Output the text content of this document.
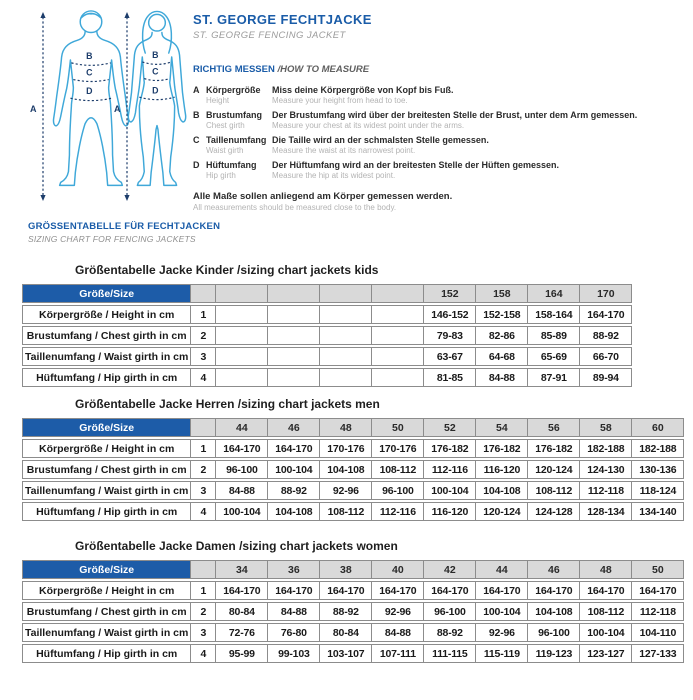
A
B
C
D
A
B
C
D
ST. GEORGE FECHTJACKE
ST. GEORGE FENCING JACKET
RICHTIG MESSEN /HOW TO MEASURE
A Körpergröße
Height
Miss deine Körpergröße von Kopf bis Fuß.
Measure your height from head to toe.
B Brustumfang
Chest girth
Der Brustumfang wird über der breitesten Stelle der Brust, unter dem Arm gemessen.
Measure your chest at its widest point under the arms.
C Taillenumfang
Waist girth
Die Taille wird an der schmalsten Stelle gemessen.
Measure the waist at its narrowest point.
D Hüftumfang
Hip girth
Der Hüftumfang wird an der breitesten Stelle der Hüften gemessen.
Measure the hip at its widest point.
Alle Maße sollen anliegend am Körper gemessen werden.
All measurements should be measured close to the body.
GRÖSSENTABELLE FÜR FECHTJACKEN
SIZING CHART FOR FENCING JACKETS
Größentabelle Jacke Kinder /sizing chart jackets kids
Größe/Size						152	158	164	170
Körpergröße / Height in cm	1					146-152	152-158	158-164	164-170
Brustumfang / Chest girth in cm	2					79-83	82-86	85-89	88-92
Taillenumfang / Waist girth in cm	3					63-67	64-68	65-69	66-70
Hüftumfang / Hip girth in cm	4					81-85	84-88	87-91	89-94
Größentabelle Jacke Herren /sizing chart jackets men
Größe/Size		44	46	48	50	52	54	56	58	60
Körpergröße / Height in cm	1	164-170	164-170	170-176	170-176	176-182	176-182	176-182	182-188	182-188
Brustumfang / Chest girth in cm	2	96-100	100-104	104-108	108-112	112-116	116-120	120-124	124-130	130-136
Taillenumfang / Waist girth in cm	3	84-88	88-92	92-96	96-100	100-104	104-108	108-112	112-118	118-124
Hüftumfang / Hip girth in cm	4	100-104	104-108	108-112	112-116	116-120	120-124	124-128	128-134	134-140
Größentabelle Jacke Damen /sizing chart jackets women
Größe/Size		34	36	38	40	42	44	46	48	50
Körpergröße / Height in cm	1	164-170	164-170	164-170	164-170	164-170	164-170	164-170	164-170	164-170
Brustumfang / Chest girth in cm	2	80-84	84-88	88-92	92-96	96-100	100-104	104-108	108-112	112-118
Taillenumfang / Waist girth in cm	3	72-76	76-80	80-84	84-88	88-92	92-96	96-100	100-104	104-110
Hüftumfang / Hip girth in cm	4	95-99	99-103	103-107	107-111	111-115	115-119	119-123	123-127	127-133
